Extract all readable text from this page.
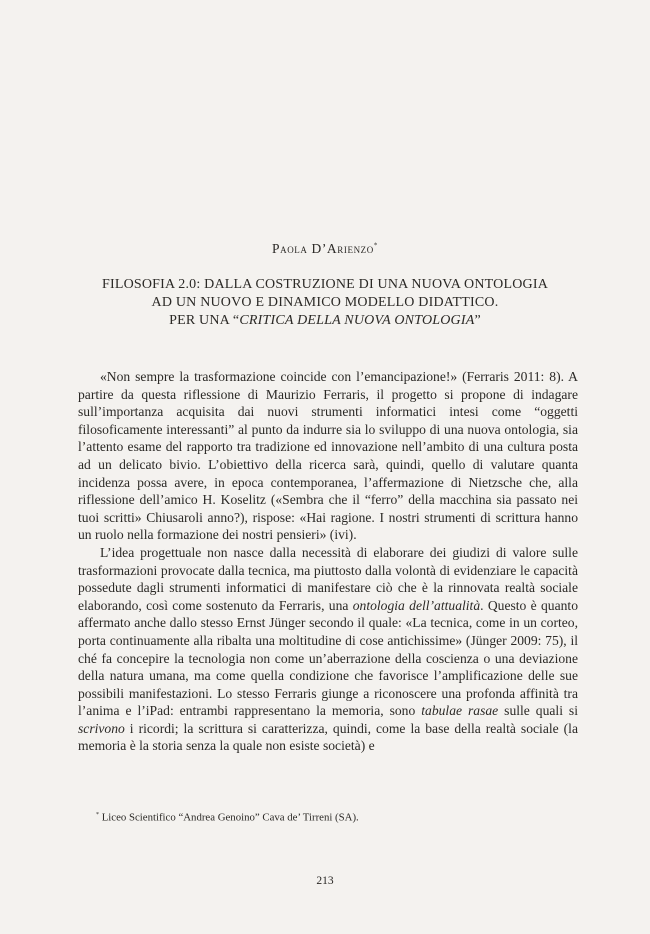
Paola D’Arienzo*
FILOSOFIA 2.0: DALLA COSTRUZIONE DI UNA NUOVA ONTOLOGIA
AD UN NUOVO E DINAMICO MODELLO DIDATTICO.
PER UNA “CRITICA DELLA NUOVA ONTOLOGIA”

«Non sempre la trasformazione coincide con l’emancipazione!» (Ferraris 2011: 8). A partire da questa riflessione di Maurizio Ferraris, il progetto si propone di indagare sull’importanza acquisita dai nuovi strumenti informatici intesi come “oggetti filosoficamente interessanti” al punto da indurre sia lo sviluppo di una nuova ontologia, sia l’attento esame del rapporto tra tradizione ed innovazione nell’ambito di una cultura posta ad un delicato bivio. L’obiettivo della ricerca sarà, quindi, quello di valutare quanta incidenza possa avere, in epoca contemporanea, l’affermazione di Nietzsche che, alla riflessione dell’amico H. Koselitz («Sembra che il “ferro” della macchina sia passato nei tuoi scritti» Chiusaroli anno?), rispose: «Hai ragione. I nostri strumenti di scrittura hanno un ruolo nella formazione dei nostri pensieri» (ivi).

L’idea progettuale non nasce dalla necessità di elaborare dei giudizi di valore sulle trasformazioni provocate dalla tecnica, ma piuttosto dalla volontà di evidenziare le capacità possedute dagli strumenti informatici di manifestare ciò che è la rinnovata realtà sociale elaborando, così come sostenuto da Ferraris, una ontologia dell’attualità. Questo è quanto affermato anche dallo stesso Ernst Jünger secondo il quale: «La tecnica, come in un corteo, porta continuamente alla ribalta una moltitudine di cose antichissime» (Jünger 2009: 75), il ché fa concepire la tecnologia non come un’aberrazione della coscienza o una deviazione della natura umana, ma come quella condizione che favorisce l’amplificazione delle sue possibili manifestazioni. Lo stesso Ferraris giunge a riconoscere una profonda affinità tra l’anima e l’iPad: entrambi rappresentano la memoria, sono tabulae rasae sulle quali si scrivono i ricordi; la scrittura si caratterizza, quindi, come la base della realtà sociale (la memoria è la storia senza la quale non esiste società) e

* Liceo Scientifico “Andrea Genoino” Cava de’ Tirreni (SA).
213
